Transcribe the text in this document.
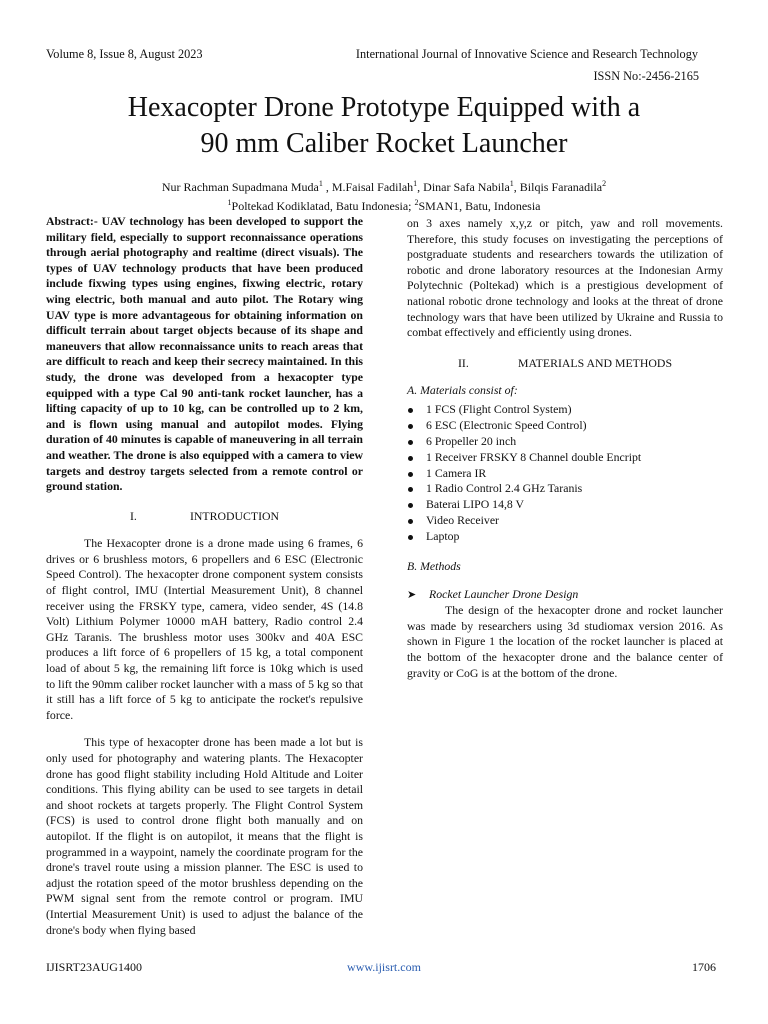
Volume 8, Issue 8, August 2023	International Journal of Innovative Science and Research Technology
ISSN No:-2456-2165
Hexacopter Drone Prototype Equipped with a
90 mm Caliber Rocket Launcher
Nur Rachman Supadmana Muda$^1$ , M.Faisal Fadilah$^1$, Dinar Safa Nabila$^1$, Bilqis Faranadila$^2$
$^1$Poltekad Kodiklatad, Batu Indonesia; $^2$SMAN1, Batu, Indonesia

Abstract:- UAV technology has been developed to support the military field, especially to support reconnaissance operations through aerial photography and realtime (direct visuals). The types of UAV technology products that have been produced include fixwing types using engines, fixwing electric, rotary wing electric, both manual and auto pilot. The Rotary wing UAV type is more advantageous for obtaining information on difficult terrain about target objects because of its shape and maneuvers that allow reconnaissance units to reach areas that are difficult to reach and keep their secrecy maintained. In this study, the drone was developed from a hexacopter type equipped with a type Cal 90 anti-tank rocket launcher, has a lifting capacity of up to 10 kg, can be controlled up to 2 km, and is flown using manual and autopilot modes. Flying duration of 40 minutes is capable of maneuvering in all terrain and weather. The drone is also equipped with a camera to view targets and destroy targets selected from a remote control or ground station.

I.	INTRODUCTION

The Hexacopter drone is a drone made using 6 frames, 6 drives or 6 brushless motors, 6 propellers and 6 ESC (Electronic Speed Control). The hexacopter drone component system consists of flight control, IMU (Intertial Measurement Unit), 8 channel receiver using the FRSKY type, camera, video sender, 4S (14.8 Volt) Lithium Polymer 10000 mAH battery, Radio control 2.4 GHz Taranis. The brushless motor uses 300kv and 40A ESC produces a lift force of 6 propellers of 15 kg, a total component load of about 5 kg, the remaining lift force is 10kg which is used to lift the 90mm caliber rocket launcher with a mass of 5 kg so that it still has a lift force of 5 kg to anticipate the rocket's repulsive force.

This type of hexacopter drone has been made a lot but is only used for photography and watering plants. The Hexacopter drone has good flight stability including Hold Altitude and Loiter conditions. This flying ability can be used to see targets in detail and shoot rockets at targets properly. The Flight Control System (FCS) is used to control drone flight both manually and on autopilot. If the flight is on autopilot, it means that the flight is programmed in a waypoint, namely the coordinate program for the drone's travel route using a mission planner. The ESC is used to adjust the rotation speed of the motor brushless depending on the PWM signal sent from the remote control or program. IMU (Intertial Measurement Unit) is used to adjust the balance of the drone's body when flying based

on 3 axes namely x,y,z or pitch, yaw and roll movements. Therefore, this study focuses on investigating the perceptions of postgraduate students and researchers towards the utilization of robotic and drone laboratory resources at the Indonesian Army Polytechnic (Poltekad) which is a prestigious development of national robotic drone technology and looks at the threat of drone technology wars that have been utilized by Ukraine and Russia to combat effectively and efficiently using drones.

II.	MATERIALS AND METHODS
A. Materials consist of:
1 FCS (Flight Control System)
6 ESC (Electronic Speed Control)
6 Propeller 20 inch
1 Receiver FRSKY 8 Channel double Encript
1 Camera IR
1 Radio Control 2.4 GHz Taranis
Baterai LIPO 14,8 V
Video Receiver
Laptop
B. Methods
➤ Rocket Launcher Drone Design

The design of the hexacopter drone and rocket launcher was made by researchers using 3d studiomax version 2016. As shown in Figure 1 the location of the rocket launcher is placed at the bottom of the hexacopter drone and the balance center of gravity or CoG is at the bottom of the drone.

IJISRT23AUG1400	www.ijisrt.com	1706
